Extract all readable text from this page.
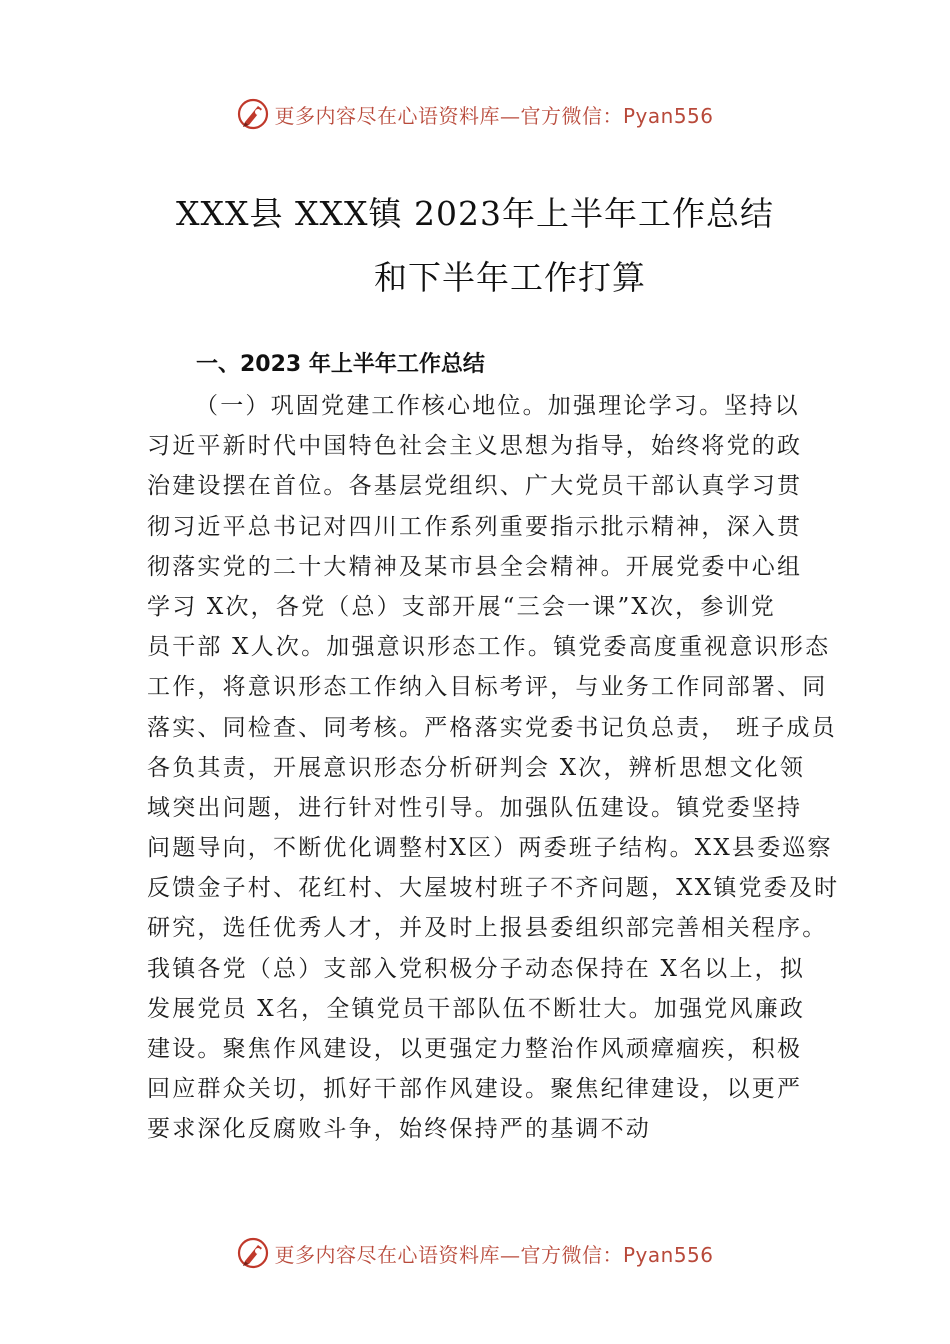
更多内容尽在心语资料库—官方微信：Pyan556
XXX县 XXX镇 2023年上半年工作总结
和下半年工作打算
一、2023 年上半年工作总结
（一）巩固党建工作核心地位。加强理论学习。坚持以
习近平新时代中国特色社会主义思想为指导，始终将党的政
治建设摆在首位。各基层党组织、广大党员干部认真学习贯
彻习近平总书记对四川工作系列重要指示批示精神，深入贯
彻落实党的二十大精神及某市县全会精神。开展党委中心组
学习 X次，各党（总）支部开展“三会一课”X次，参训党
员干部 X人次。加强意识形态工作。镇党委高度重视意识形态
工作，将意识形态工作纳入目标考评，与业务工作同部署、同
落实、同检查、同考核。严格落实党委书记负总责， 班子成员
各负其责，开展意识形态分析研判会 X次，辨析思想文化领
域突出问题，进行针对性引导。加强队伍建设。镇党委坚持
问题导向，不断优化调整村X区）两委班子结构。XX县委巡察
反馈金子村、花红村、大屋坡村班子不齐问题，XX镇党委及时
研究，选任优秀人才，并及时上报县委组织部完善相关程序。
我镇各党（总）支部入党积极分子动态保持在 X名以上，拟
发展党员 X名，全镇党员干部队伍不断壮大。加强党风廉政
建设。聚焦作风建设，以更强定力整治作风顽瘴痼疾，积极
回应群众关切，抓好干部作风建设。聚焦纪律建设，以更严
要求深化反腐败斗争，始终保持严的基调不动
更多内容尽在心语资料库—官方微信：Pyan556
